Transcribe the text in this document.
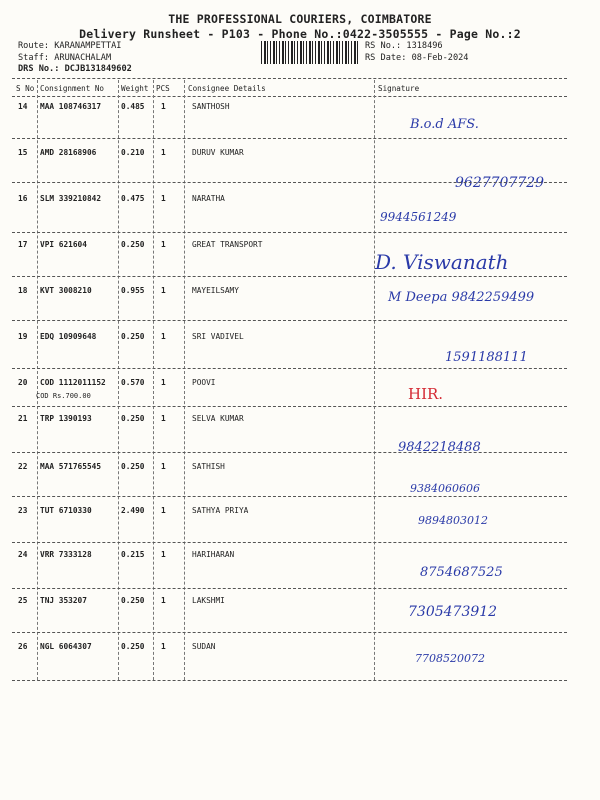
THE PROFESSIONAL COURIERS, COIMBATORE
Delivery Runsheet - P103 - Phone No.:0422-3505555 - Page No.:2
Route: KARANAMPETTAI
Staff: ARUNACHALAM
DRS No.: DCJB131849602
RS No.: 1318496
RS Date: 08-Feb-2024
S No Consignment No Weight PCS Consignee Details	Signature
14 MAA 108746317	0.485 1	SANTHOSH
B.o.d AFS.
15 AMD 28168906	0.210 1	DURUV KUMAR
9627707729
16 SLM 339210842	0.475 1	NARATHA
9944561249
17 VPI 621604	0.250 1	GREAT TRANSPORT
D. Viswanath
18 KVT 3008210	0.955 1	MAYEILSAMY	M Deepa 9842259499
19 EDQ 10909648	0.250 1	SRI VADIVEL
1591188111
20 COD 1112011152 0.570 1	POOVI
COD Rs.700.00	HIR.
21 TRP 1390193	0.250 1	SELVA KUMAR
9842218488
22 MAA 571765545	0.250 1	SATHISH
9384060606
23 TUT 6710330	2.490 1	SATHYA PRIYA
9894803012
24 VRR 7333128	0.215 1	HARIHARAN
8754687525
25 TNJ 353207	0.250 1	LAKSHMI
7305473912
26 NGL 6064307	0.250 1	SUDAN
7708520072
